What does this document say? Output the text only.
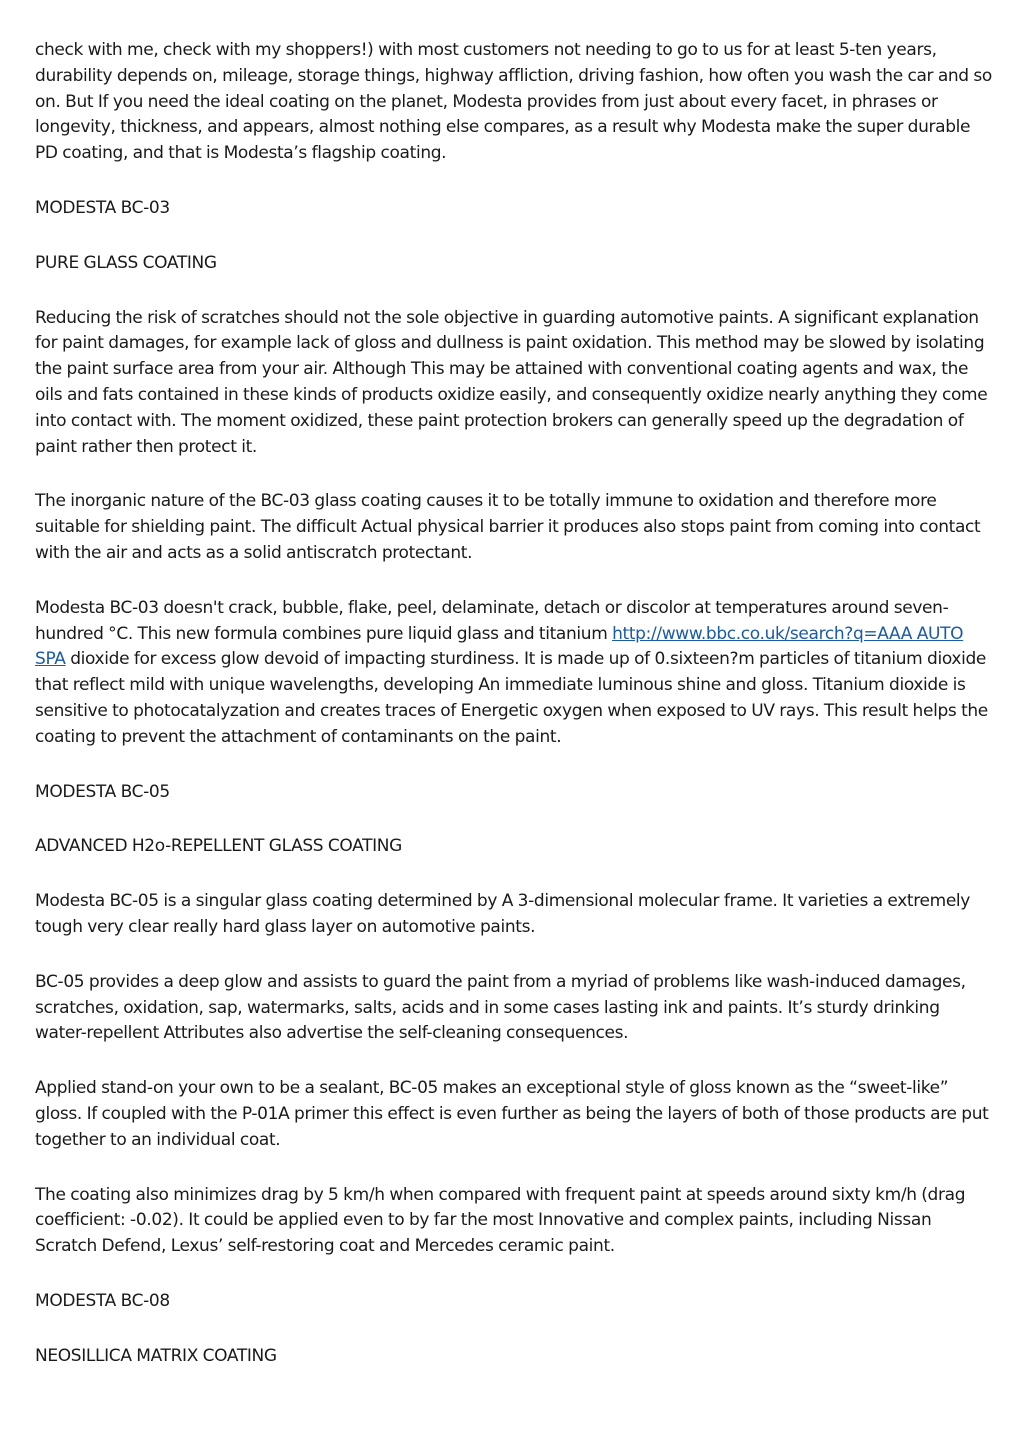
check with me, check with my shoppers!) with most customers not needing to go to us for at least 5-ten years, durability depends on, mileage, storage things, highway affliction, driving fashion, how often you wash the car and so on. But If you need the ideal coating on the planet, Modesta provides from just about every facet, in phrases or longevity, thickness, and appears, almost nothing else compares, as a result why Modesta make the super durable PD coating, and that is Modesta’s flagship coating.

MODESTA BC-03

PURE GLASS COATING

Reducing the risk of scratches should not the sole objective in guarding automotive paints. A significant explanation for paint damages, for example lack of gloss and dullness is paint oxidation. This method may be slowed by isolating the paint surface area from your air. Although This may be attained with conventional coating agents and wax, the oils and fats contained in these kinds of products oxidize easily, and consequently oxidize nearly anything they come into contact with. The moment oxidized, these paint protection brokers can generally speed up the degradation of paint rather then protect it.

The inorganic nature of the BC-03 glass coating causes it to be totally immune to oxidation and therefore more suitable for shielding paint. The difficult Actual physical barrier it produces also stops paint from coming into contact with the air and acts as a solid antiscratch protectant.

Modesta BC-03 doesn't crack, bubble, flake, peel, delaminate, detach or discolor at temperatures around seven-hundred °C. This new formula combines pure liquid glass and titanium http://www.bbc.co.uk/search?q=AAA AUTO SPA dioxide for excess glow devoid of impacting sturdiness. It is made up of 0.sixteen?m particles of titanium dioxide that reflect mild with unique wavelengths, developing An immediate luminous shine and gloss. Titanium dioxide is sensitive to photocatalyzation and creates traces of Energetic oxygen when exposed to UV rays. This result helps the coating to prevent the attachment of contaminants on the paint.

MODESTA BC-05

ADVANCED H2o-REPELLENT GLASS COATING

Modesta BC-05 is a singular glass coating determined by A 3-dimensional molecular frame. It varieties a extremely tough very clear really hard glass layer on automotive paints.

BC-05 provides a deep glow and assists to guard the paint from a myriad of problems like wash-induced damages, scratches, oxidation, sap, watermarks, salts, acids and in some cases lasting ink and paints. It’s sturdy drinking water-repellent Attributes also advertise the self-cleaning consequences.

Applied stand-on your own to be a sealant, BC-05 makes an exceptional style of gloss known as the “sweet-like” gloss. If coupled with the P-01A primer this effect is even further as being the layers of both of those products are put together to an individual coat.

The coating also minimizes drag by 5 km/h when compared with frequent paint at speeds around sixty km/h (drag coefficient: -0.02). It could be applied even to by far the most Innovative and complex paints, including Nissan Scratch Defend, Lexus’ self-restoring coat and Mercedes ceramic paint.

MODESTA BC-08

NEOSILLICA MATRIX COATING
